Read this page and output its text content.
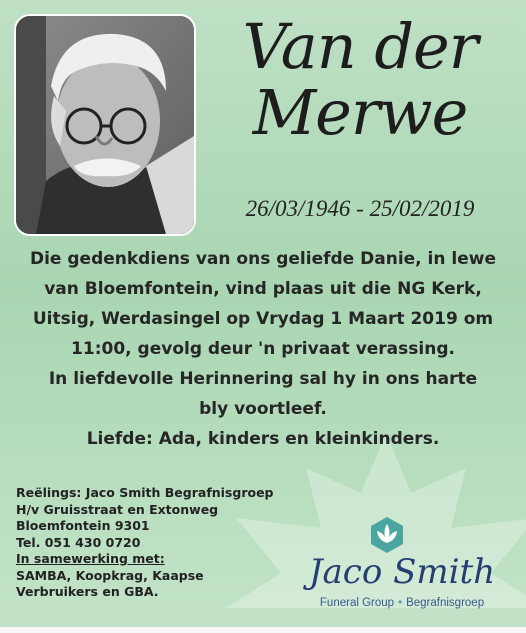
Van der
Merwe
26/03/1946 - 25/02/2019
Die gedenkdiens van ons geliefde Danie, in lewe
van Bloemfontein, vind plaas uit die NG Kerk,
Uitsig, Werdasingel op Vrydag 1 Maart 2019 om
11:00, gevolg deur 'n privaat verassing.
In liefdevolle Herinnering sal hy in ons harte
bly voortleef.
Liefde: Ada, kinders en kleinkinders.
Reëlings: Jaco Smith Begrafnisgroep
H/v Gruisstraat en Extonweg
Bloemfontein 9301
Tel. 051 430 0720
In samewerking met:
SAMBA, Koopkrag, Kaapse
Verbruikers en GBA.	Jaco Smith
Funeral Group • Begrafnisgroep
